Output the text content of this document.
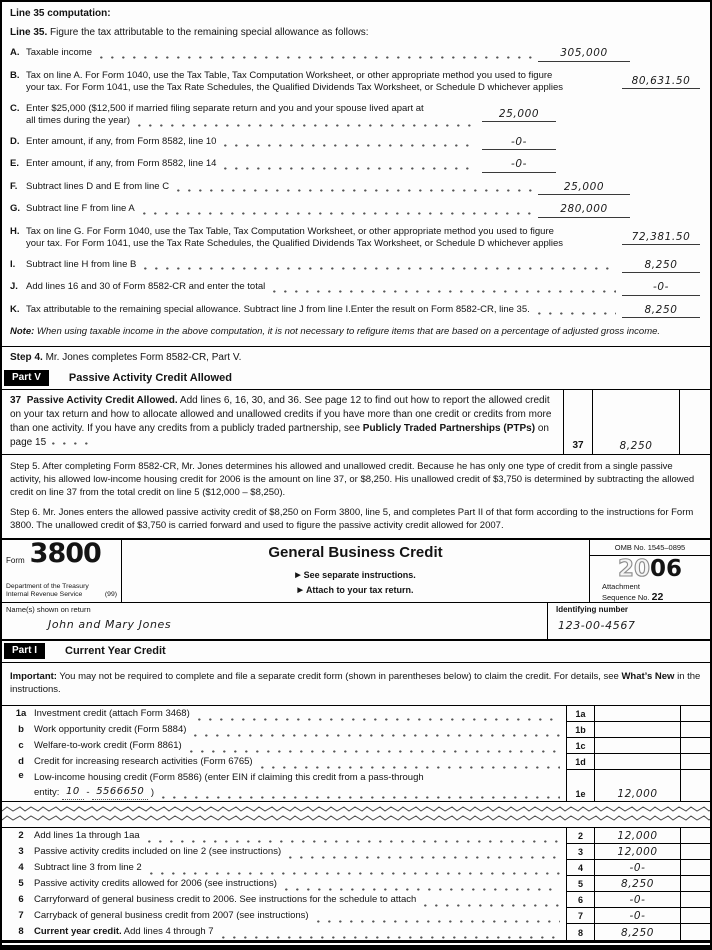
Line 35 computation:
Line 35. Figure the tax attributable to the remaining special allowance as follows:
A. Taxable income	305,000
B. Tax on line A. For Form 1040, use the Tax Table, Tax Computation Worksheet, or other appropriate method you used to figure
your tax. For Form 1041, use the Tax Rate Schedules, the Qualified Dividends Tax Worksheet, or Schedule D whichever applies
80,631.50
C. Enter $25,000 ($12,500 if married filing separate return and you and your spouse lived apart at
all times during the year)
25,000
D. Enter amount, if any, from Form 8582, line 10	-0-
E. Enter amount, if any, from Form 8582, line 14	-0-
F. Subtract lines D and E from line C	25,000
G. Subtract line F from line A	280,000
H. Tax on line G. For Form 1040, use the Tax Table, Tax Computation Worksheet, or other appropriate method you used to figure
your tax. For Form 1041, use the Tax Rate Schedules, the Qualified Dividends Tax Worksheet, or Schedule D whichever applies
72,381.50
I.	Subtract line H from line B	8,250
J. Add lines 16 and 30 of Form 8582-CR and enter the total	-0-
K. Tax attributable to the remaining special allowance. Subtract line J from line I.Enter the result on Form 8582-CR, line 35.	8,250
Note: When using taxable income in the above computation, it is not necessary to refigure items that are based on a percentage of adjusted gross income.
Step 4. Mr. Jones completes Form 8582-CR, Part V.
Part V	Passive Activity Credit Allowed
37 Passive Activity Credit Allowed. Add lines 6, 16, 30, and 36. See page 12 to find out how to report the allowed credit on your tax return and how to allocate allowed and unallowed credits if you have more than one credit or credits from more than one activity. If you have any credits from a publicly traded partnership, see Publicly Traded Partnerships (PTPs) on page 15	37	8,250
Step 5. After completing Form 8582-CR, Mr. Jones determines his allowed and unallowed credit. Because he has only one type of credit from a single passive activity, his allowed low-income housing credit for 2006 is the amount on line 37, or $8,250. His unallowed credit of $3,750 is determined by subtracting the allowed credit on line 37 from the total credit on line 5 ($12,000 – $8,250).
Step 6. Mr. Jones enters the allowed passive activity credit of $8,250 on Form 3800, line 5, and completes Part II of that form according to the instructions for Form 3800. The unallowed credit of $3,750 is carried forward and used to figure the passive activity credit allowed for 2007.
Form 3800
Department of the Treasury
Internal Revenue Service	(99)
General Business Credit
▶ See separate instructions.
▶ Attach to your tax return.
OMB No. 1545–0895
2006
Attachment
Sequence No. 22
Name(s) shown on return
John and Mary Jones
Identifying number
123-00-4567
Part I	Current Year Credit
Important: You may not be required to complete and file a separate credit form (shown in parentheses below) to claim the credit. For details, see What’s New in the instructions.
1a Investment credit (attach Form 3468)	1a
b	Work opportunity credit (Form 5884)	1b
c	Welfare-to-work credit (Form 8861)	1c
d	Credit for increasing research activities (Form 6765)	1d
e	Low-income housing credit (Form 8586) (enter EIN if claiming this credit from a pass-through
entity:
10
-
5566650
)	1e	12,000
2	Add lines 1a through 1aa	2	12,000
3	Passive activity credits included on line 2 (see instructions)	3	12,000
4	Subtract line 3 from line 2	4	-0-
5	Passive activity credits allowed for 2006 (see instructions)	5	8,250
6	Carryforward of general business credit to 2006. See instructions for the schedule to attach	6	-0-
7	Carryback of general business credit from 2007 (see instructions)	7	-0-
8	Current year credit. Add lines 4 through 7	8	8,250
